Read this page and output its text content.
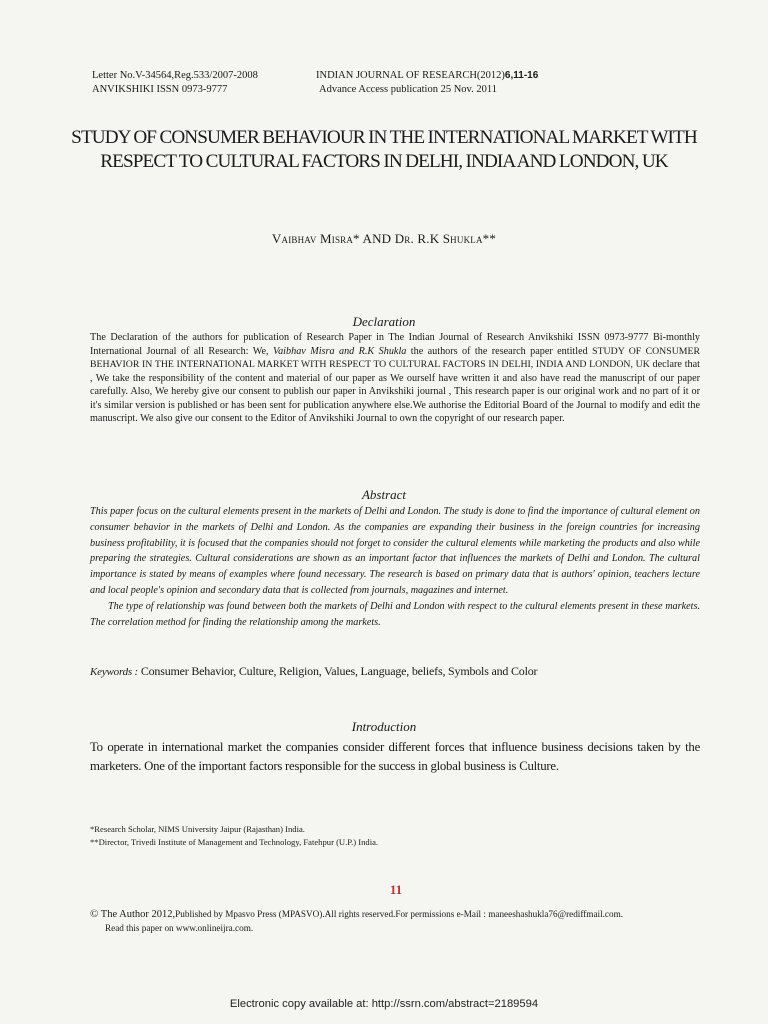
Letter No.V-34564,Reg.533/2007-2008
ANVIKSHIKI ISSN 0973-9777
INDIAN JOURNAL OF RESEARCH(2012)6,11-16
Advance Access publication 25 Nov. 2011
STUDY OF CONSUMER BEHAVIOUR IN THE INTERNATIONAL MARKET WITH RESPECT TO CULTURAL FACTORS IN DELHI, INDIA AND LONDON, UK
Vaibhav Misra* AND Dr. R.K Shukla**
Declaration
The Declaration of the authors for publication of Research Paper in The Indian Journal of Research Anvikshiki ISSN 0973-9777 Bi-monthly International Journal of all Research: We, Vaibhav Misra and R.K Shukla the authors of the research paper entitled STUDY OF CONSUMER BEHAVIOR IN THE INTERNATIONAL MARKET WITH RESPECT TO CULTURAL FACTORS IN DELHI, INDIA AND LONDON, UK declare that , We take the responsibility of the content and material of our paper as We ourself have written it and also have read the manuscript of our paper carefully. Also, We hereby give our consent to publish our paper in Anvikshiki journal , This research paper is our original work and no part of it or it's similar version is published or has been sent for publication anywhere else.We authorise the Editorial Board of the Journal to modify and edit the manuscript. We also give our consent to the Editor of Anvikshiki Journal to own the copyright of our research paper.
Abstract

This paper focus on the cultural elements present in the markets of Delhi and London. The study is done to find the importance of cultural element on consumer behavior in the markets of Delhi and London. As the companies are expanding their business in the foreign countries for increasing business profitability, it is focused that the companies should not forget to consider the cultural elements while marketing the products and also while preparing the strategies. Cultural considerations are shown as an important factor that influences the markets of Delhi and London. The cultural importance is stated by means of examples where found necessary. The research is based on primary data that is authors' opinion, teachers lecture and local people's opinion and secondary data that is collected from journals, magazines and internet.

The type of relationship was found between both the markets of Delhi and London with respect to the cultural elements present in these markets. The correlation method for finding the relationship among the markets.

Keywords : Consumer Behavior, Culture, Religion, Values, Language, beliefs, Symbols and Color
Introduction
To operate in international market the companies consider different forces that influence business decisions taken by the marketers. One of the important factors responsible for the success in global business is Culture.
*Research Scholar, NIMS University Jaipur (Rajasthan) India.
**Director, Trivedi Institute of Management and Technology, Fatehpur (U.P.) India.
11
© The Author 2012,Published by Mpasvo Press (MPASVO).All rights reserved.For permissions e-Mail : maneeshashukla76@rediffmail.com.
Read this paper on www.onlineijra.com.
Electronic copy available at: http://ssrn.com/abstract=2189594
